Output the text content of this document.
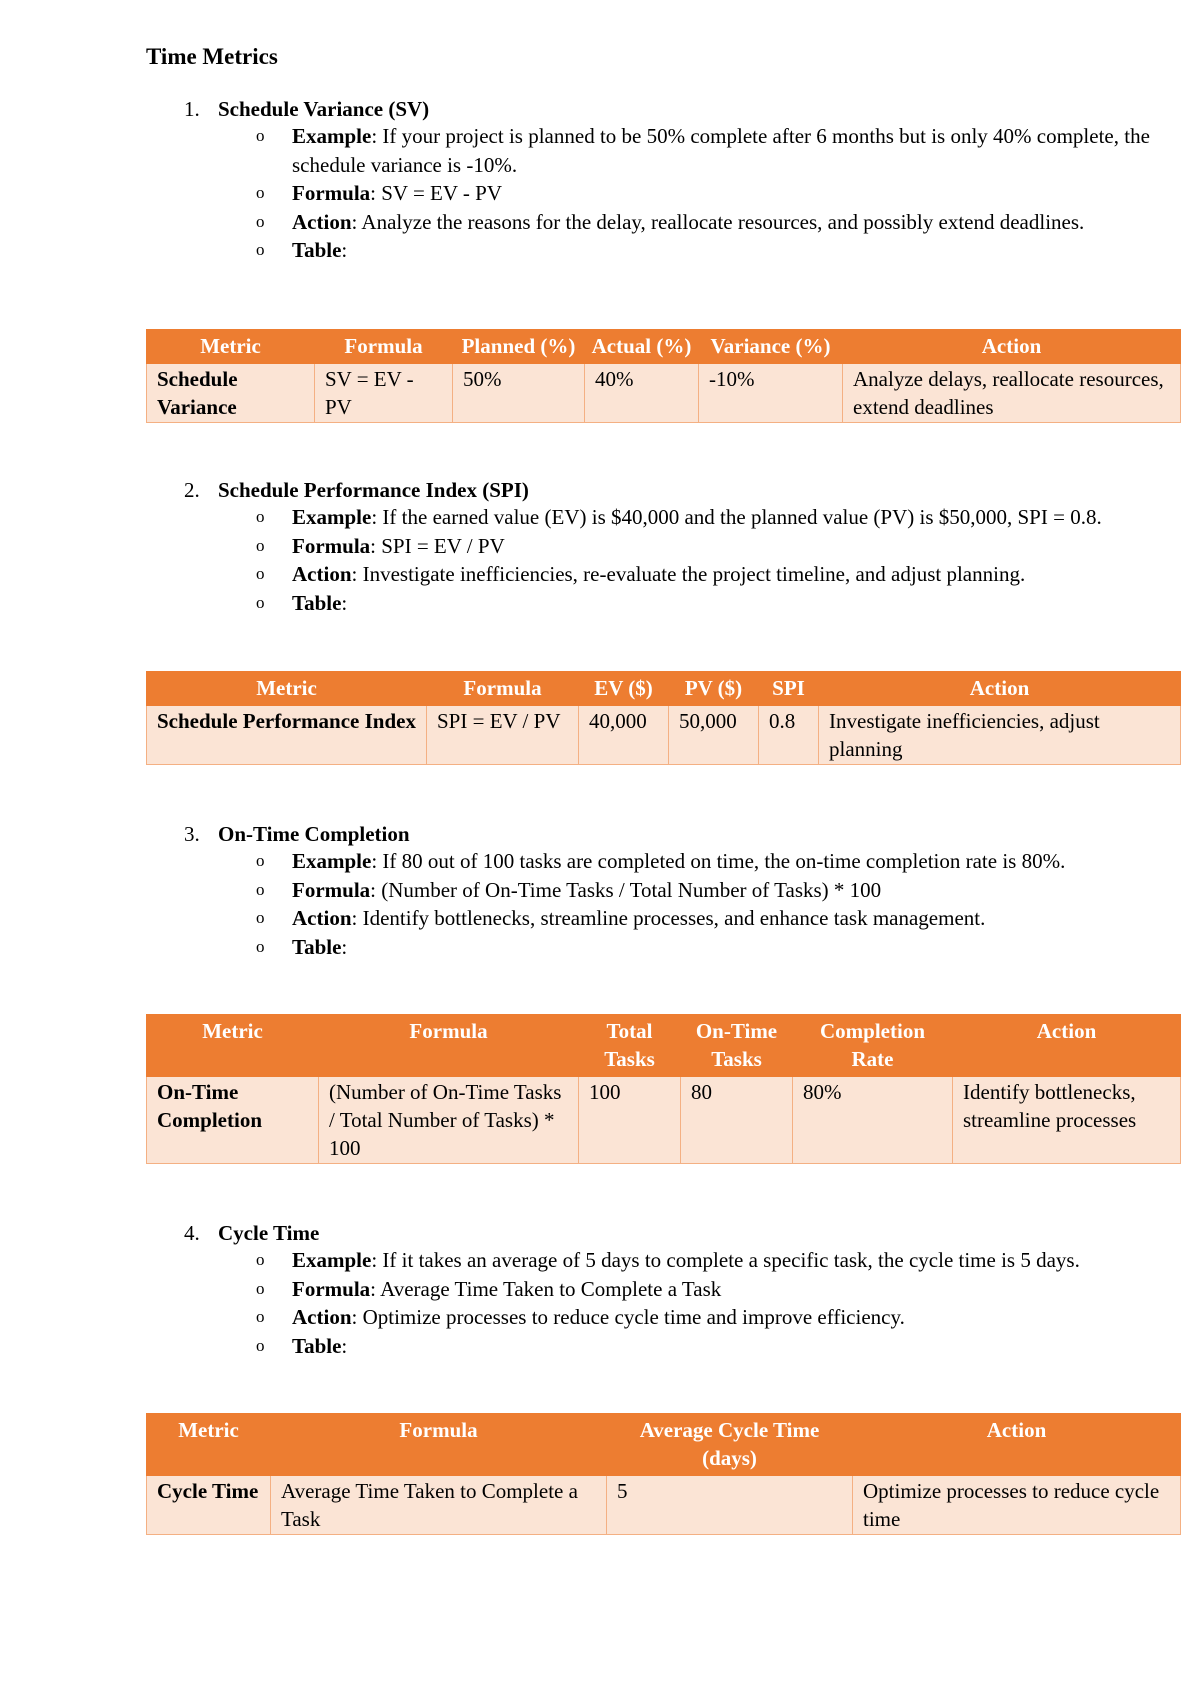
Time Metrics
1. Schedule Variance (SV)
o Example: If your project is planned to be 50% complete after 6 months but is only 40% complete, the schedule variance is -10%.
o Formula: SV = EV - PV
o Action: Analyze the reasons for the delay, reallocate resources, and possibly extend deadlines.
o Table:
Metric	Formula	Planned (%)	Actual (%)	Variance (%)	Action
Schedule Variance	SV = EV - PV	50%	40%	-10%	Analyze delays, reallocate resources, extend deadlines
2. Schedule Performance Index (SPI)
o Example: If the earned value (EV) is $40,000 and the planned value (PV) is $50,000, SPI = 0.8.
o Formula: SPI = EV / PV
o Action: Investigate inefficiencies, re-evaluate the project timeline, and adjust planning.
o Table:
Metric	Formula	EV ($)	PV ($)	SPI	Action
Schedule Performance Index	SPI = EV / PV	40,000	50,000	0.8	Investigate inefficiencies, adjust planning
3. On-Time Completion
o Example: If 80 out of 100 tasks are completed on time, the on-time completion rate is 80%.
o Formula: (Number of On-Time Tasks / Total Number of Tasks) * 100
o Action: Identify bottlenecks, streamline processes, and enhance task management.
o Table:
Metric	Formula	Total Tasks	On-Time Tasks	Completion Rate	Action
On-Time Completion	(Number of On-Time Tasks / Total Number of Tasks) * 100	100	80	80%	Identify bottlenecks, streamline processes
4. Cycle Time
o Example: If it takes an average of 5 days to complete a specific task, the cycle time is 5 days.
o Formula: Average Time Taken to Complete a Task
o Action: Optimize processes to reduce cycle time and improve efficiency.
o Table:
Metric	Formula	Average Cycle Time (days)	Action
Cycle Time	Average Time Taken to Complete a Task	5	Optimize processes to reduce cycle time
